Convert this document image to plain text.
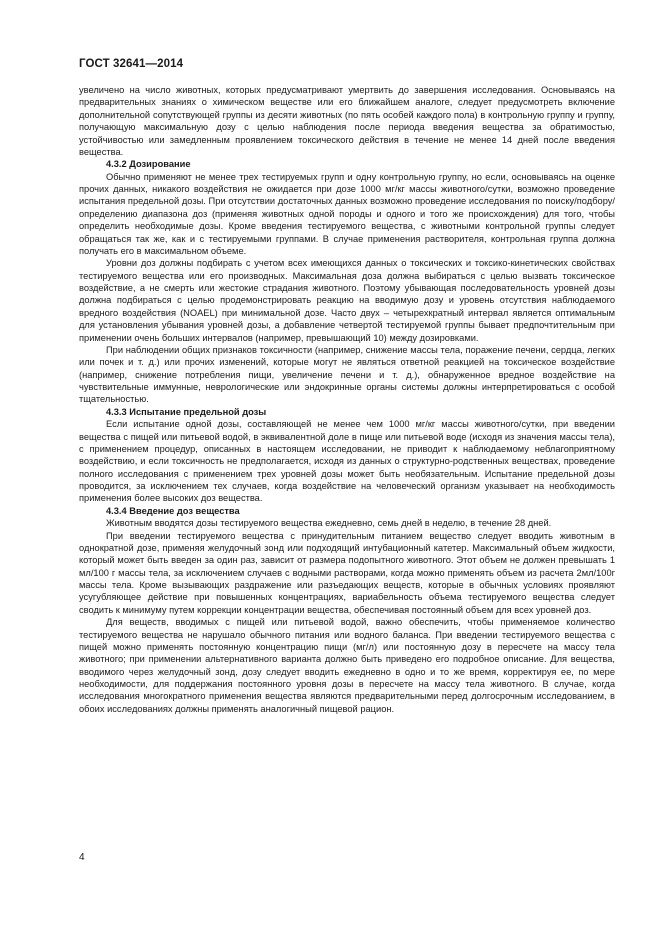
ГОСТ 32641—2014

увеличено на число животных, которых предусматривают умертвить до завершения исследования. Основываясь на предварительных знаниях о химическом веществе или его ближайшем аналоге, следует предусмотреть включение дополнительной сопутствующей группы из десяти животных (по пять особей каждого пола) в контрольную группу и группу, получающую максимальную дозу с целью наблюдения после периода введения вещества за обратимостью, устойчивостью или замедленным проявлением токсического действия в течение не менее 14 дней после введения вещества.

4.3.2 Дозирование

Обычно применяют не менее трех тестируемых групп и одну контрольную группу, но если, основываясь на оценке прочих данных, никакого воздействия не ожидается при дозе 1000 мг/кг массы животного/сутки, возможно проведение испытания предельной дозы. При отсутствии достаточных данных возможно проведение исследования по поиску/подбору/определению диапазона доз (применяя животных одной породы и одного и того же происхождения) для того, чтобы определить необходимые дозы. Кроме введения тестируемого вещества, с животными контрольной группы следует обращаться так же, как и с тестируемыми группами. В случае применения растворителя, контрольная группа должна получать его в максимальном объеме.

Уровни доз должны подбирать с учетом всех имеющихся данных о токсических и токсико-кинетических свойствах тестируемого вещества или его производных. Максимальная доза должна выбираться с целью вызвать токсическое воздействие, а не смерть или жестокие страдания животного. Поэтому убывающая последовательность уровней дозы должна подбираться с целью продемонстрировать реакцию на вводимую дозу и уровень отсутствия наблюдаемого вредного воздействия (NOAEL) при минимальной дозе. Часто двух – четырехкратный интервал является оптимальным для установления убывания уровней дозы, а добавление четвертой тестируемой группы бывает предпочтительным при применении очень больших интервалов (например, превышающий 10) между дозировками.

При наблюдении общих признаков токсичности (например, снижение массы тела, поражение печени, сердца, легких или почек и т. д.) или прочих изменений, которые могут не являться ответной реакцией на токсическое воздействие (например, снижение потребления пищи, увеличение печени и т. д.), обнаруженное вредное воздействие на чувствительные иммунные, неврологические или эндокринные органы системы должны интерпретироваться с особой тщательностью.

4.3.3 Испытание предельной дозы

Если испытание одной дозы, составляющей не менее чем 1000 мг/кг массы животного/сутки, при введении вещества с пищей или питьевой водой, в эквивалентной доле в пище или питьевой воде (исходя из значения массы тела), с применением процедур, описанных в настоящем исследовании, не приводит к наблюдаемому неблагоприятному воздействию, и если токсичность не предполагается, исходя из данных о структурно-родственных веществах, проведение полного исследования с применением трех уровней дозы может быть необязательным. Испытание предельной дозы проводится, за исключением тех случаев, когда воздействие на человеческий организм указывает на необходимость применения более высоких доз вещества.

4.3.4 Введение доз вещества

Животным вводятся дозы тестируемого вещества ежедневно, семь дней в неделю, в течение 28 дней.

При введении тестируемого вещества с принудительным питанием вещество следует вводить животным в однократной дозе, применяя желудочный зонд или подходящий интубационный катетер. Максимальный объем жидкости, который может быть введен за один раз, зависит от размера подопытного животного. Этот объем не должен превышать 1 мл/100 г массы тела, за исключением случаев с водными растворами, когда можно применять объем из расчета 2мл/100г массы тела. Кроме вызывающих раздражение или разъедающих веществ, которые в обычных условиях проявляют усугубляющее действие при повышенных концентрациях, вариабельность объема тестируемого вещества следует сводить к минимуму путем коррекции концентрации вещества, обеспечивая постоянный объем для всех уровней доз.

Для веществ, вводимых с пищей или питьевой водой, важно обеспечить, чтобы применяемое количество тестируемого вещества не нарушало обычного питания или водного баланса. При введении тестируемого вещества с пищей можно применять постоянную концентрацию пищи (мг/л) или постоянную дозу в пересчете на массу тела животного; при применении альтернативного варианта должно быть приведено его подробное описание. Для вещества, вводимого через желудочный зонд, дозу следует вводить ежедневно в одно и то же время, корректируя ее, по мере необходимости, для поддержания постоянного уровня дозы в пересчете на массу тела животного. В случае, когда исследования многократного применения вещества являются предварительными перед долгосрочным исследованием, в обоих исследованиях должны применять аналогичный пищевой рацион.

4
